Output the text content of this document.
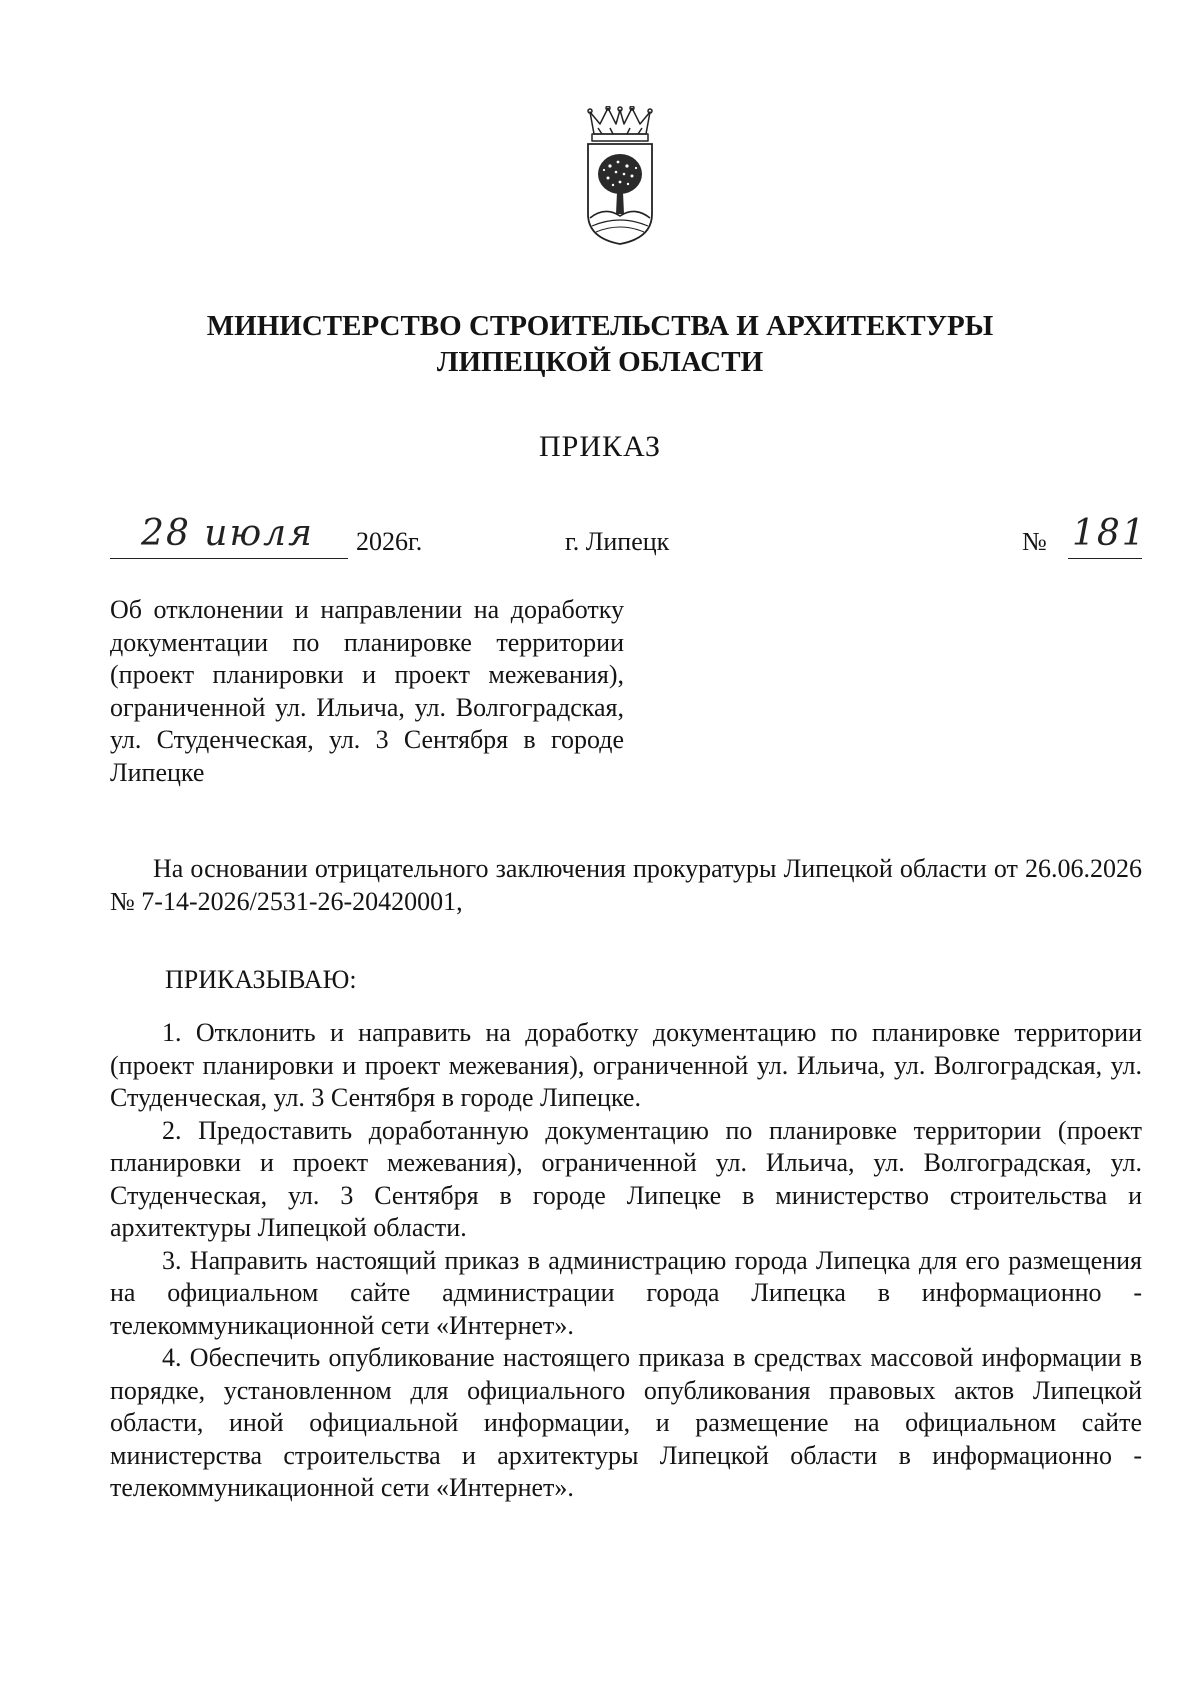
МИНИСТЕРСТВО СТРОИТЕЛЬСТВА И АРХИТЕКТУРЫ
ЛИПЕЦКОЙ ОБЛАСТИ
ПРИКАЗ
28 июля	2026г.	г. Липецк	№ 181
Об отклонении и направлении на доработку документации по планировке территории (проект планировки и проект межевания), ограниченной ул. Ильича, ул. Волгоградская, ул. Студенческая, ул. 3 Сентября в городе Липецке
На основании отрицательного заключения прокуратуры Липецкой области от 26.06.2026 № 7-14-2026/2531-26-20420001,
ПРИКАЗЫВАЮ:

1. Отклонить и направить на доработку документацию по планировке территории (проект планировки и проект межевания), ограниченной ул. Ильича, ул. Волгоградская, ул. Студенческая, ул. 3 Сентября в городе Липецке.

2. Предоставить доработанную документацию по планировке территории (проект планировки и проект межевания), ограниченной ул. Ильича, ул. Волгоградская, ул. Студенческая, ул. 3 Сентября в городе Липецке в министерство строительства и архитектуры Липецкой области.

3. Направить настоящий приказ в администрацию города Липецка для его размещения на официальном сайте администрации города Липецка в информационно - телекоммуникационной сети «Интернет».

4. Обеспечить опубликование настоящего приказа в средствах массовой информации в порядке, установленном для официального опубликования правовых актов Липецкой области, иной официальной информации, и размещение на официальном сайте министерства строительства и архитектуры Липецкой области в информационно - телекоммуникационной сети «Интернет».
